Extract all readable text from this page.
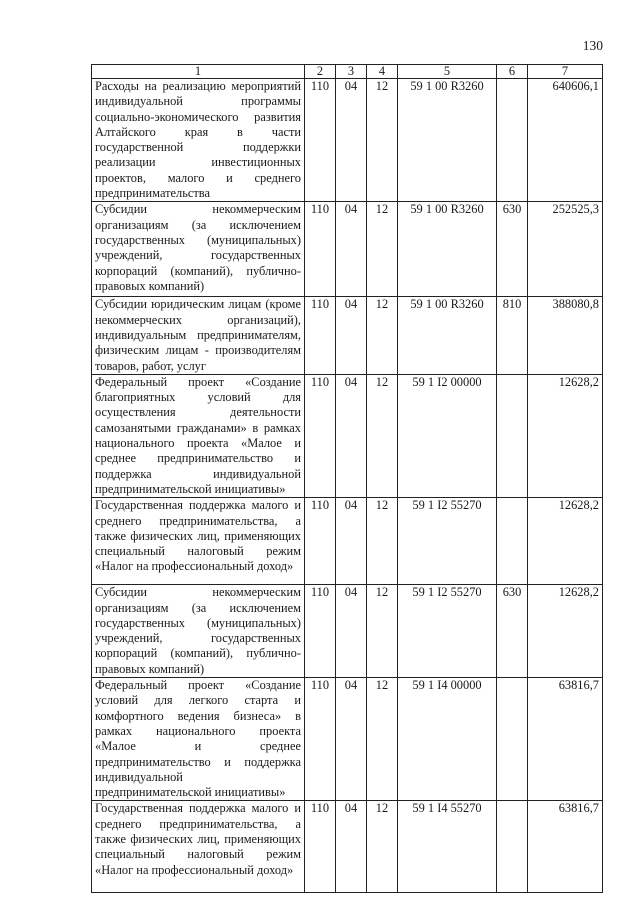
130
1	2	3	4	5	6	7
Расходы на реализацию мероприятий индивидуальной программы социально-экономического развития Алтайского края в части государственной поддержки реализации инвестиционных проектов, малого и среднего предпринимательства	110	04	12	59 1 00 R3260		640606,1
Субсидии некоммерческим организациям (за исключением государственных (муниципальных) учреждений, государственных корпораций (компаний), публично-правовых компаний)	110	04	12	59 1 00 R3260	630	252525,3
Субсидии юридическим лицам (кроме некоммерческих организаций), индивидуальным предпринимателям, физическим лицам - производителям товаров, работ, услуг	110	04	12	59 1 00 R3260	810	388080,8
Федеральный проект «Создание благоприятных условий для осуществления деятельности самозанятыми гражданами» в рамках национального проекта «Малое и среднее предпринимательство и поддержка индивидуальной предпринимательской инициативы»	110	04	12	59 1 I2 00000		12628,2
Государственная поддержка малого и среднего предпринимательства, а также физических лиц, применяющих специальный налоговый режим «Налог на профессиональный доход»	110	04	12	59 1 I2 55270		12628,2
Субсидии некоммерческим организациям (за исключением государственных (муниципальных) учреждений, государственных корпораций (компаний), публично-правовых компаний)	110	04	12	59 1 I2 55270	630	12628,2
Федеральный проект «Создание условий для легкого старта и комфортного ведения бизнеса» в рамках национального проекта «Малое и среднее предпринимательство и поддержка индивидуальной предпринимательской инициативы»	110	04	12	59 1 I4 00000		63816,7
Государственная поддержка малого и среднего предпринимательства, а также физических лиц, применяющих специальный налоговый режим «Налог на профессиональный доход»	110	04	12	59 1 I4 55270		63816,7
